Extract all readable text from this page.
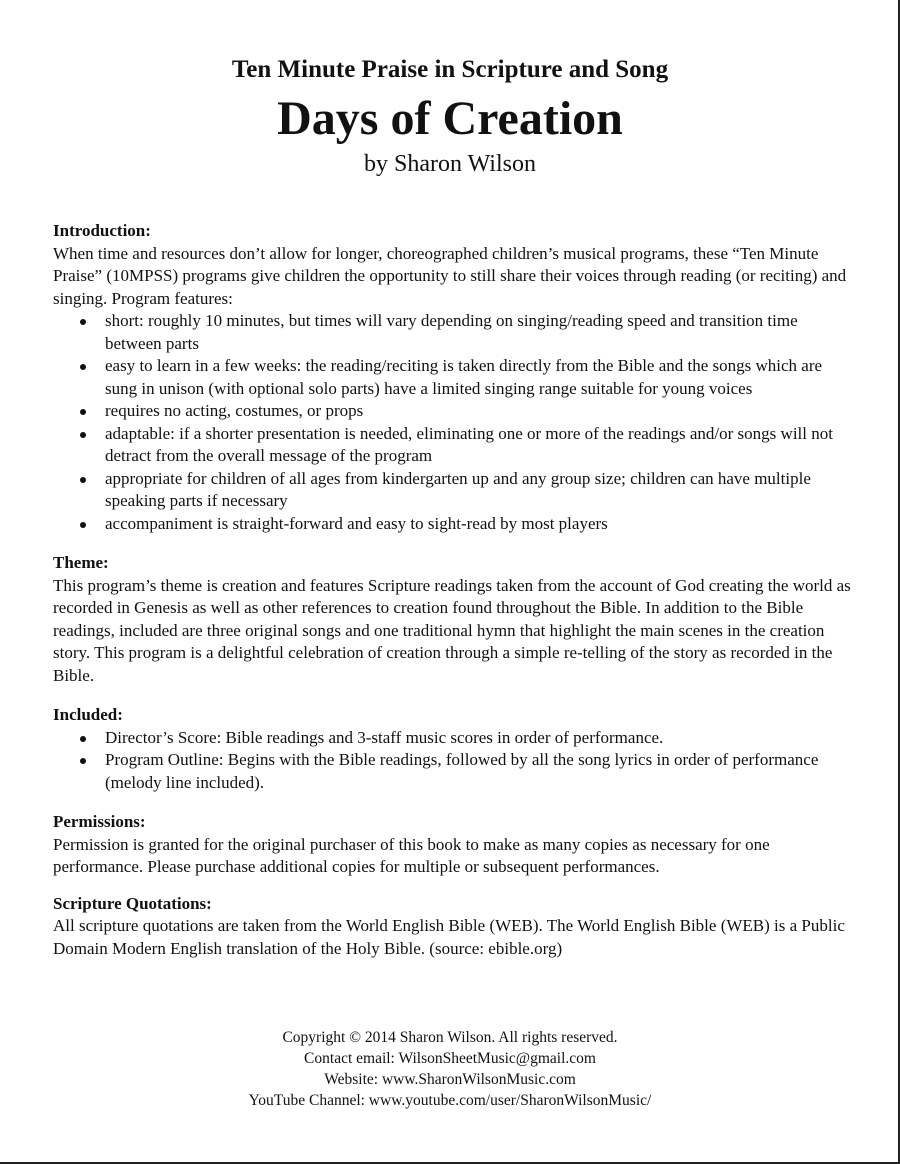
Ten Minute Praise in Scripture and Song
Days of Creation
by Sharon Wilson

Introduction:

When time and resources don’t allow for longer, choreographed children’s musical programs, these “Ten Minute Praise” (10MPSS) programs give children the opportunity to still share their voices through reading (or reciting) and singing. Program features:

short: roughly 10 minutes, but times will vary depending on singing/reading speed and transition time between parts
easy to learn in a few weeks: the reading/reciting is taken directly from the Bible and the songs which are sung in unison (with optional solo parts) have a limited singing range suitable for young voices
requires no acting, costumes, or props
adaptable: if a shorter presentation is needed, eliminating one or more of the readings and/or songs will not detract from the overall message of the program
appropriate for children of all ages from kindergarten up and any group size; children can have multiple speaking parts if necessary
accompaniment is straight-forward and easy to sight-read by most players

Theme:

This program’s theme is creation and features Scripture readings taken from the account of God creating the world as recorded in Genesis as well as other references to creation found throughout the Bible. In addition to the Bible readings, included are three original songs and one traditional hymn that highlight the main scenes in the creation story. This program is a delightful celebration of creation through a simple re-telling of the story as recorded in the Bible.

Included:

Director’s Score: Bible readings and 3-staff music scores in order of performance.
Program Outline: Begins with the Bible readings, followed by all the song lyrics in order of performance (melody line included).

Permissions:

Permission is granted for the original purchaser of this book to make as many copies as necessary for one performance. Please purchase additional copies for multiple or subsequent performances.

Scripture Quotations:

All scripture quotations are taken from the World English Bible (WEB). The World English Bible (WEB) is a Public Domain Modern English translation of the Holy Bible. (source: ebible.org)

Copyright © 2014 Sharon Wilson. All rights reserved.
Contact email: WilsonSheetMusic@gmail.com
Website: www.SharonWilsonMusic.com
YouTube Channel: www.youtube.com/user/SharonWilsonMusic/
